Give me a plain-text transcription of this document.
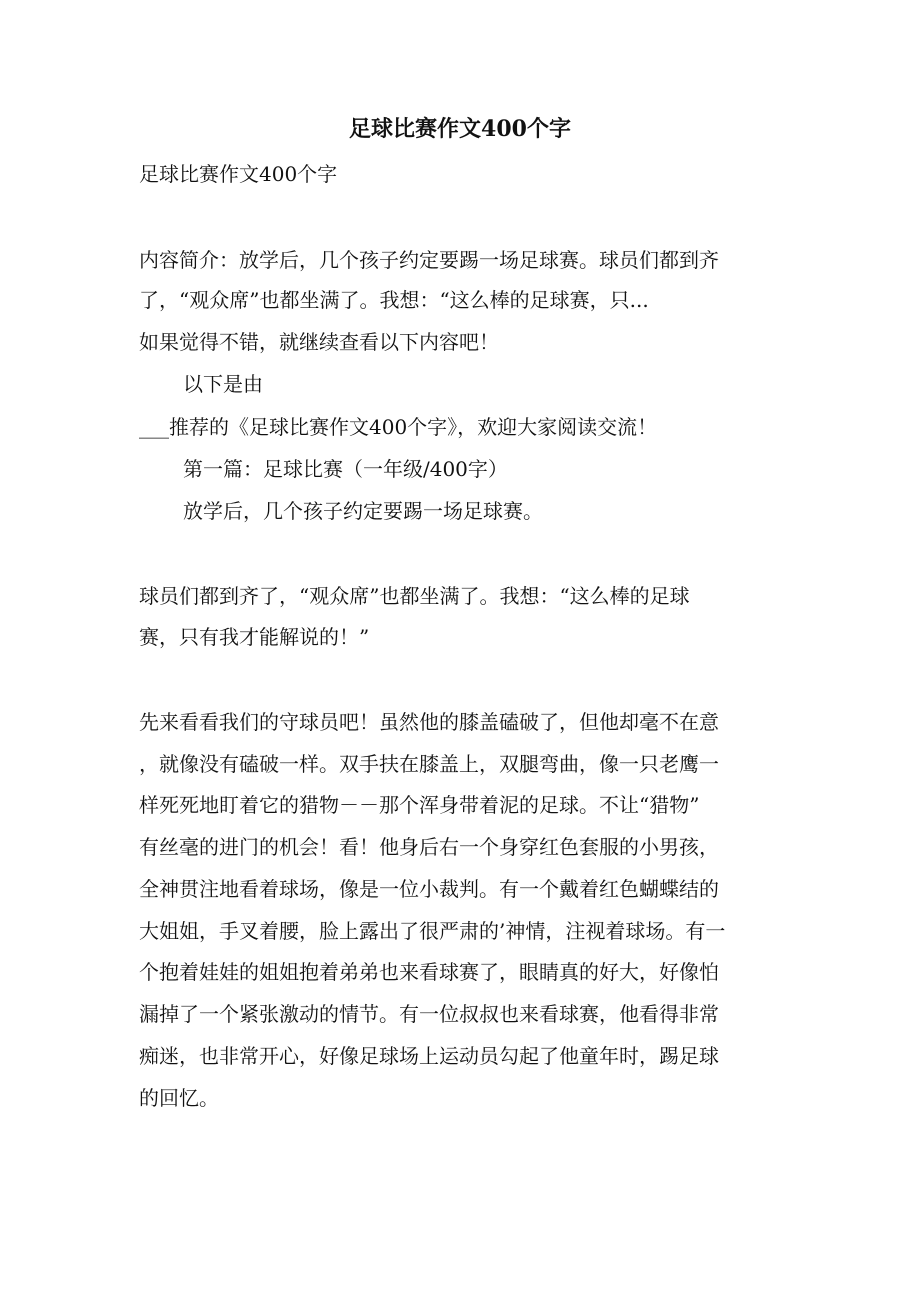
足球比赛作文400个字

足球比赛作文400个字

内容简介：放学后，几个孩子约定要踢一场足球赛。球员们都到齐

了，“观众席”也都坐满了。我想：“这么棒的足球赛，只...

如果觉得不错，就继续查看以下内容吧！

以下是由

___推荐的《足球比赛作文400个字》，欢迎大家阅读交流！

第一篇：足球比赛（一年级/400字）

放学后，几个孩子约定要踢一场足球赛。

球员们都到齐了，“观众席”也都坐满了。我想：“这么棒的足球

赛，只有我才能解说的！”

先来看看我们的守球员吧！虽然他的膝盖磕破了，但他却毫不在意

，就像没有磕破一样。双手扶在膝盖上，双腿弯曲，像一只老鹰一

样死死地盯着它的猎物－－那个浑身带着泥的足球。不让“猎物”

有丝毫的进门的机会！看！他身后右一个身穿红色套服的小男孩，

全神贯注地看着球场，像是一位小裁判。有一个戴着红色蝴蝶结的

大姐姐，手叉着腰，脸上露出了很严肃的’神情，注视着球场。有一

个抱着娃娃的姐姐抱着弟弟也来看球赛了，眼睛真的好大，好像怕

漏掉了一个紧张激动的情节。有一位叔叔也来看球赛，他看得非常

痴迷，也非常开心，好像足球场上运动员勾起了他童年时，踢足球

的回忆。
